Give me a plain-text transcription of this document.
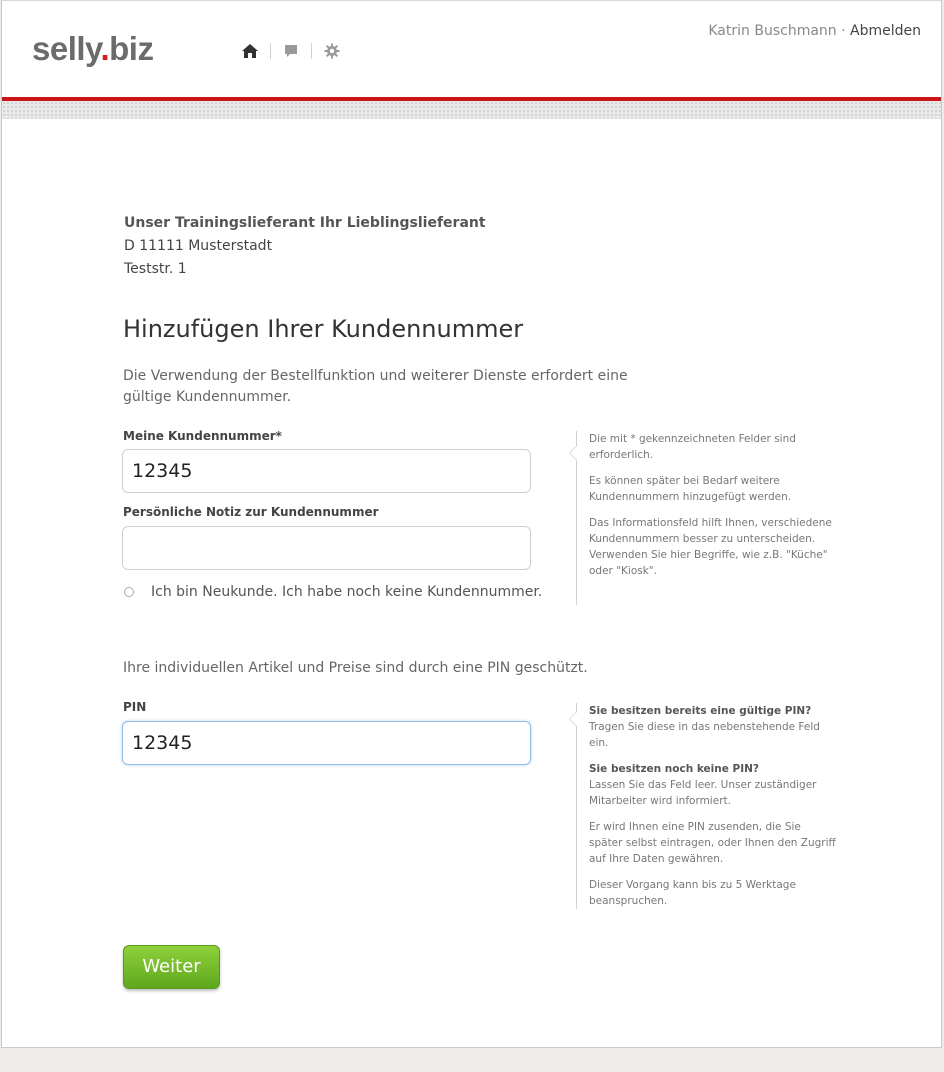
selly.biz	Katrin Buschmann · Abmelden
Unser Trainingslieferant Ihr Lieblingslieferant
D 11111 Musterstadt
Teststr. 1
Hinzufügen Ihrer Kundennummer
Die Verwendung der Bestellfunktion und weiterer Dienste erfordert eine gültige Kundennummer.
Meine Kundennummer*
12345
Persönliche Notiz zur Kundennummer
Ich bin Neukunde. Ich habe noch keine Kundennummer.

Die mit * gekennzeichneten Felder sind erforderlich.

Es können später bei Bedarf weitere Kundennummern hinzugefügt werden.

Das Informationsfeld hilft Ihnen, verschiedene Kundennummern besser zu unterscheiden. Verwenden Sie hier Begriffe, wie z.B. "Küche" oder "Kiosk".

Ihre individuellen Artikel und Preise sind durch eine PIN geschützt.
PIN
12345

Sie besitzen bereits eine gültige PIN?
Tragen Sie diese in das nebenstehende Feld ein.

Sie besitzen noch keine PIN?
Lassen Sie das Feld leer. Unser zuständiger Mitarbeiter wird informiert.

Er wird Ihnen eine PIN zusenden, die Sie später selbst eintragen, oder Ihnen den Zugriff auf Ihre Daten gewähren.

Dieser Vorgang kann bis zu 5 Werktage beanspruchen.

Weiter
